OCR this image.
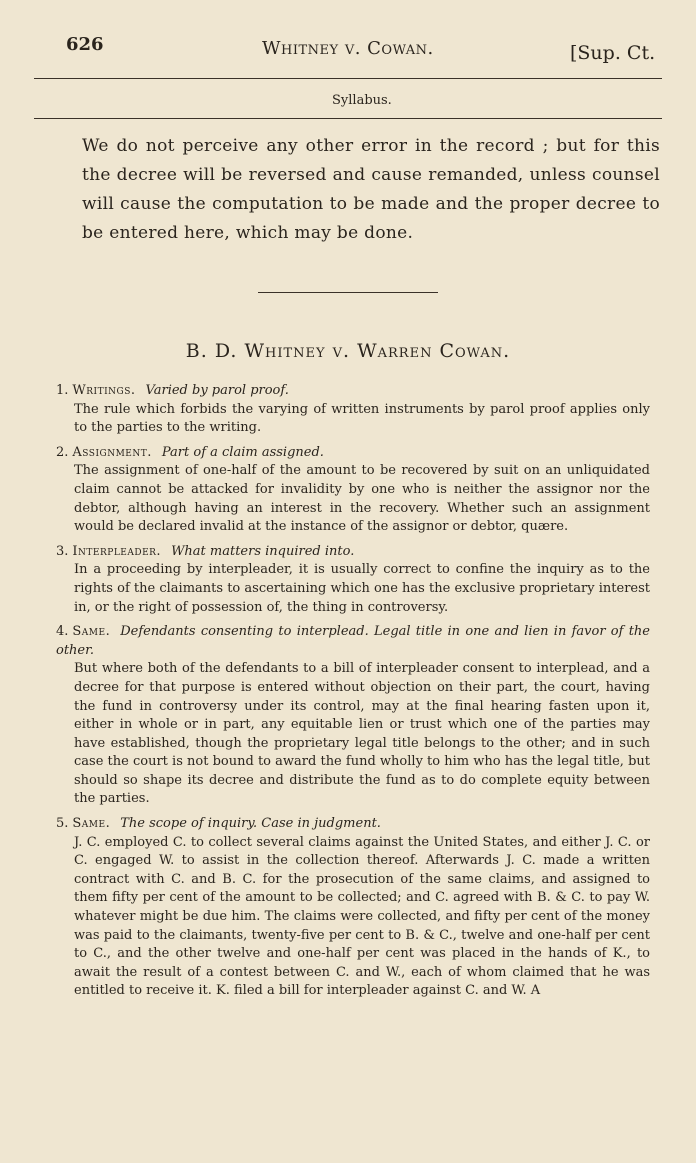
626	Whitney v. Cowan.	[Sup. Ct.
Syllabus.
We do not perceive any other error in the record ; but for this the decree will be reversed and cause remanded, unless counsel will cause the computation to be made and the proper decree to be entered here, which may be done.
B. D. Whitney v. Warren Cowan.
1. Writings. Varied by parol proof.
The rule which forbids the varying of written instruments by parol proof applies only to the parties to the writing.
2. Assignment. Part of a claim assigned.
The assignment of one-half of the amount to be recovered by suit on an unliquidated claim cannot be attacked for invalidity by one who is neither the assignor nor the debtor, although having an interest in the recovery. Whether such an assignment would be declared invalid at the instance of the assignor or debtor, quære.
3. Interpleader. What matters inquired into.
In a proceeding by interpleader, it is usually correct to confine the inquiry as to the rights of the claimants to ascertaining which one has the exclusive proprietary interest in, or the right of possession of, the thing in controversy.
4. Same. Defendants consenting to interplead. Legal title in one and lien in favor of the other.
But where both of the defendants to a bill of interpleader consent to interplead, and a decree for that purpose is entered without objection on their part, the court, having the fund in controversy under its control, may at the final hearing fasten upon it, either in whole or in part, any equitable lien or trust which one of the parties may have established, though the proprietary legal title belongs to the other; and in such case the court is not bound to award the fund wholly to him who has the legal title, but should so shape its decree and distribute the fund as to do complete equity between the parties.
5. Same. The scope of inquiry. Case in judgment.
J. C. employed C. to collect several claims against the United States, and either J. C. or C. engaged W. to assist in the collection thereof. Afterwards J. C. made a written contract with C. and B. C. for the prosecution of the same claims, and assigned to them fifty per cent of the amount to be collected; and C. agreed with B. & C. to pay W. whatever might be due him. The claims were collected, and fifty per cent of the money was paid to the claimants, twenty-five per cent to B. & C., twelve and one-half per cent to C., and the other twelve and one-half per cent was placed in the hands of K., to await the result of a contest between C. and W., each of whom claimed that he was entitled to receive it. K. filed a bill for interpleader against C. and W. A
